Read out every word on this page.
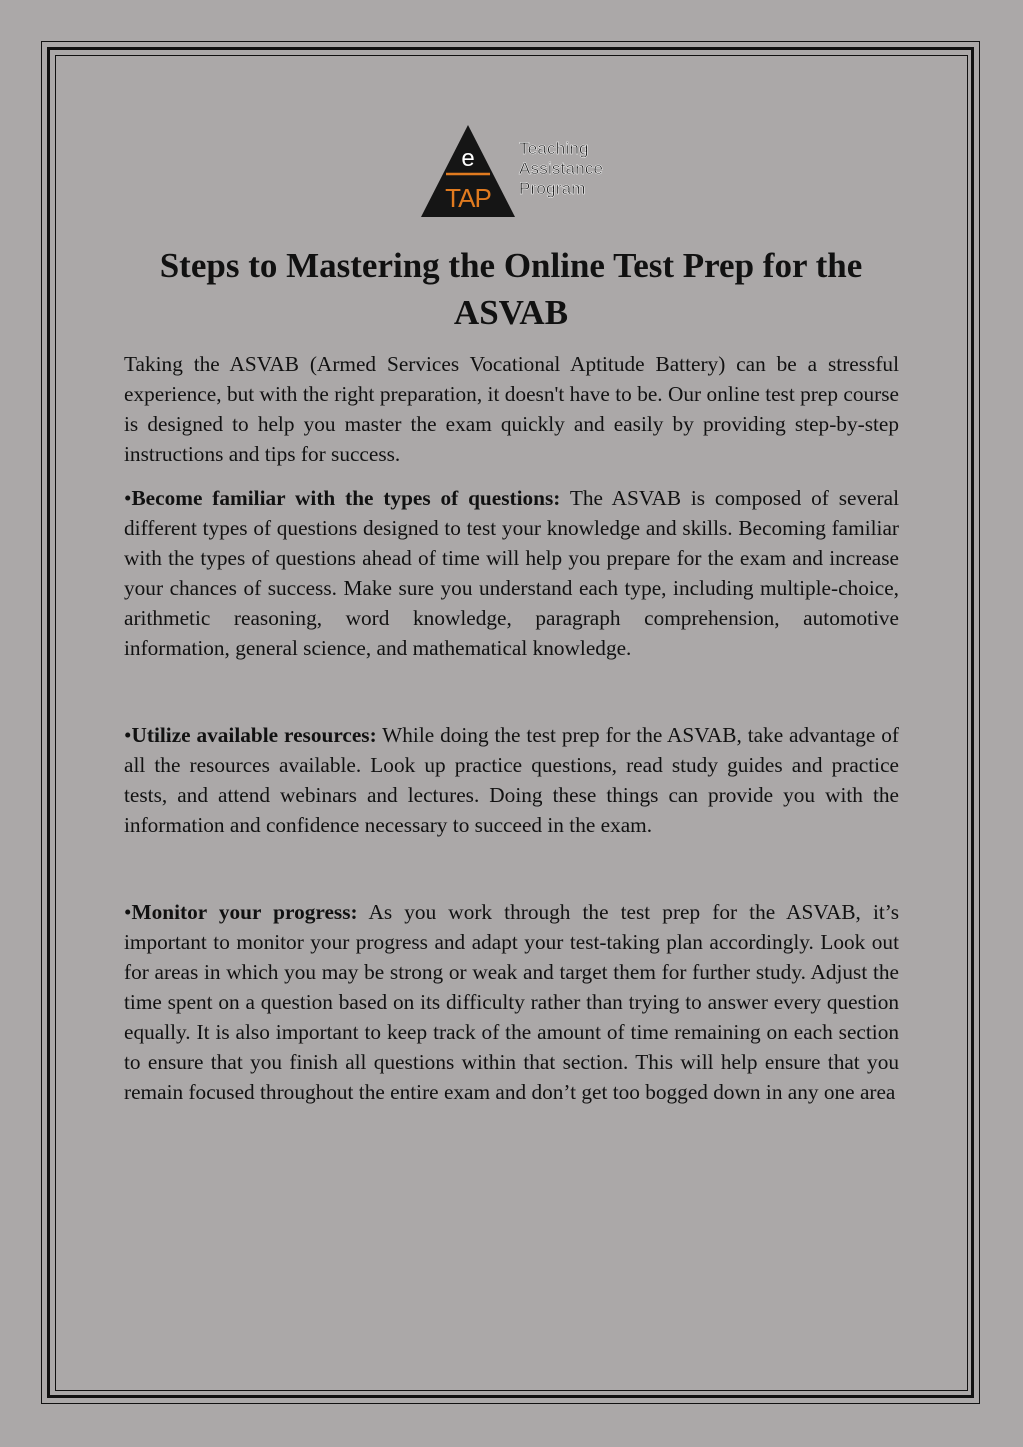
e
TAP
Teaching
Assistance
Program
Steps to Mastering the Online Test Prep for the ASVAB

Taking the ASVAB (Armed Services Vocational Aptitude Battery) can be a stressful experience, but with the right preparation, it doesn't have to be. Our online test prep course is designed to help you master the exam quickly and easily by providing step-by-step instructions and tips for success.

•Become familiar with the types of questions: The ASVAB is composed of several different types of questions designed to test your knowledge and skills. Becoming familiar with the types of questions ahead of time will help you prepare for the exam and increase your chances of success. Make sure you understand each type, including multiple-choice, arithmetic reasoning, word knowledge, paragraph comprehension, automotive information, general science, and mathematical knowledge.

•Utilize available resources: While doing the test prep for the ASVAB, take advantage of all the resources available. Look up practice questions, read study guides and practice tests, and attend webinars and lectures. Doing these things can provide you with the information and confidence necessary to succeed in the exam.

•Monitor your progress: As you work through the test prep for the ASVAB, it’s important to monitor your progress and adapt your test-taking plan accordingly. Look out for areas in which you may be strong or weak and target them for further study. Adjust the time spent on a question based on its difficulty rather than trying to answer every question equally. It is also important to keep track of the amount of time remaining on each section to ensure that you finish all questions within that section. This will help ensure that you remain focused throughout the entire exam and don’t get too bogged down in any one area
